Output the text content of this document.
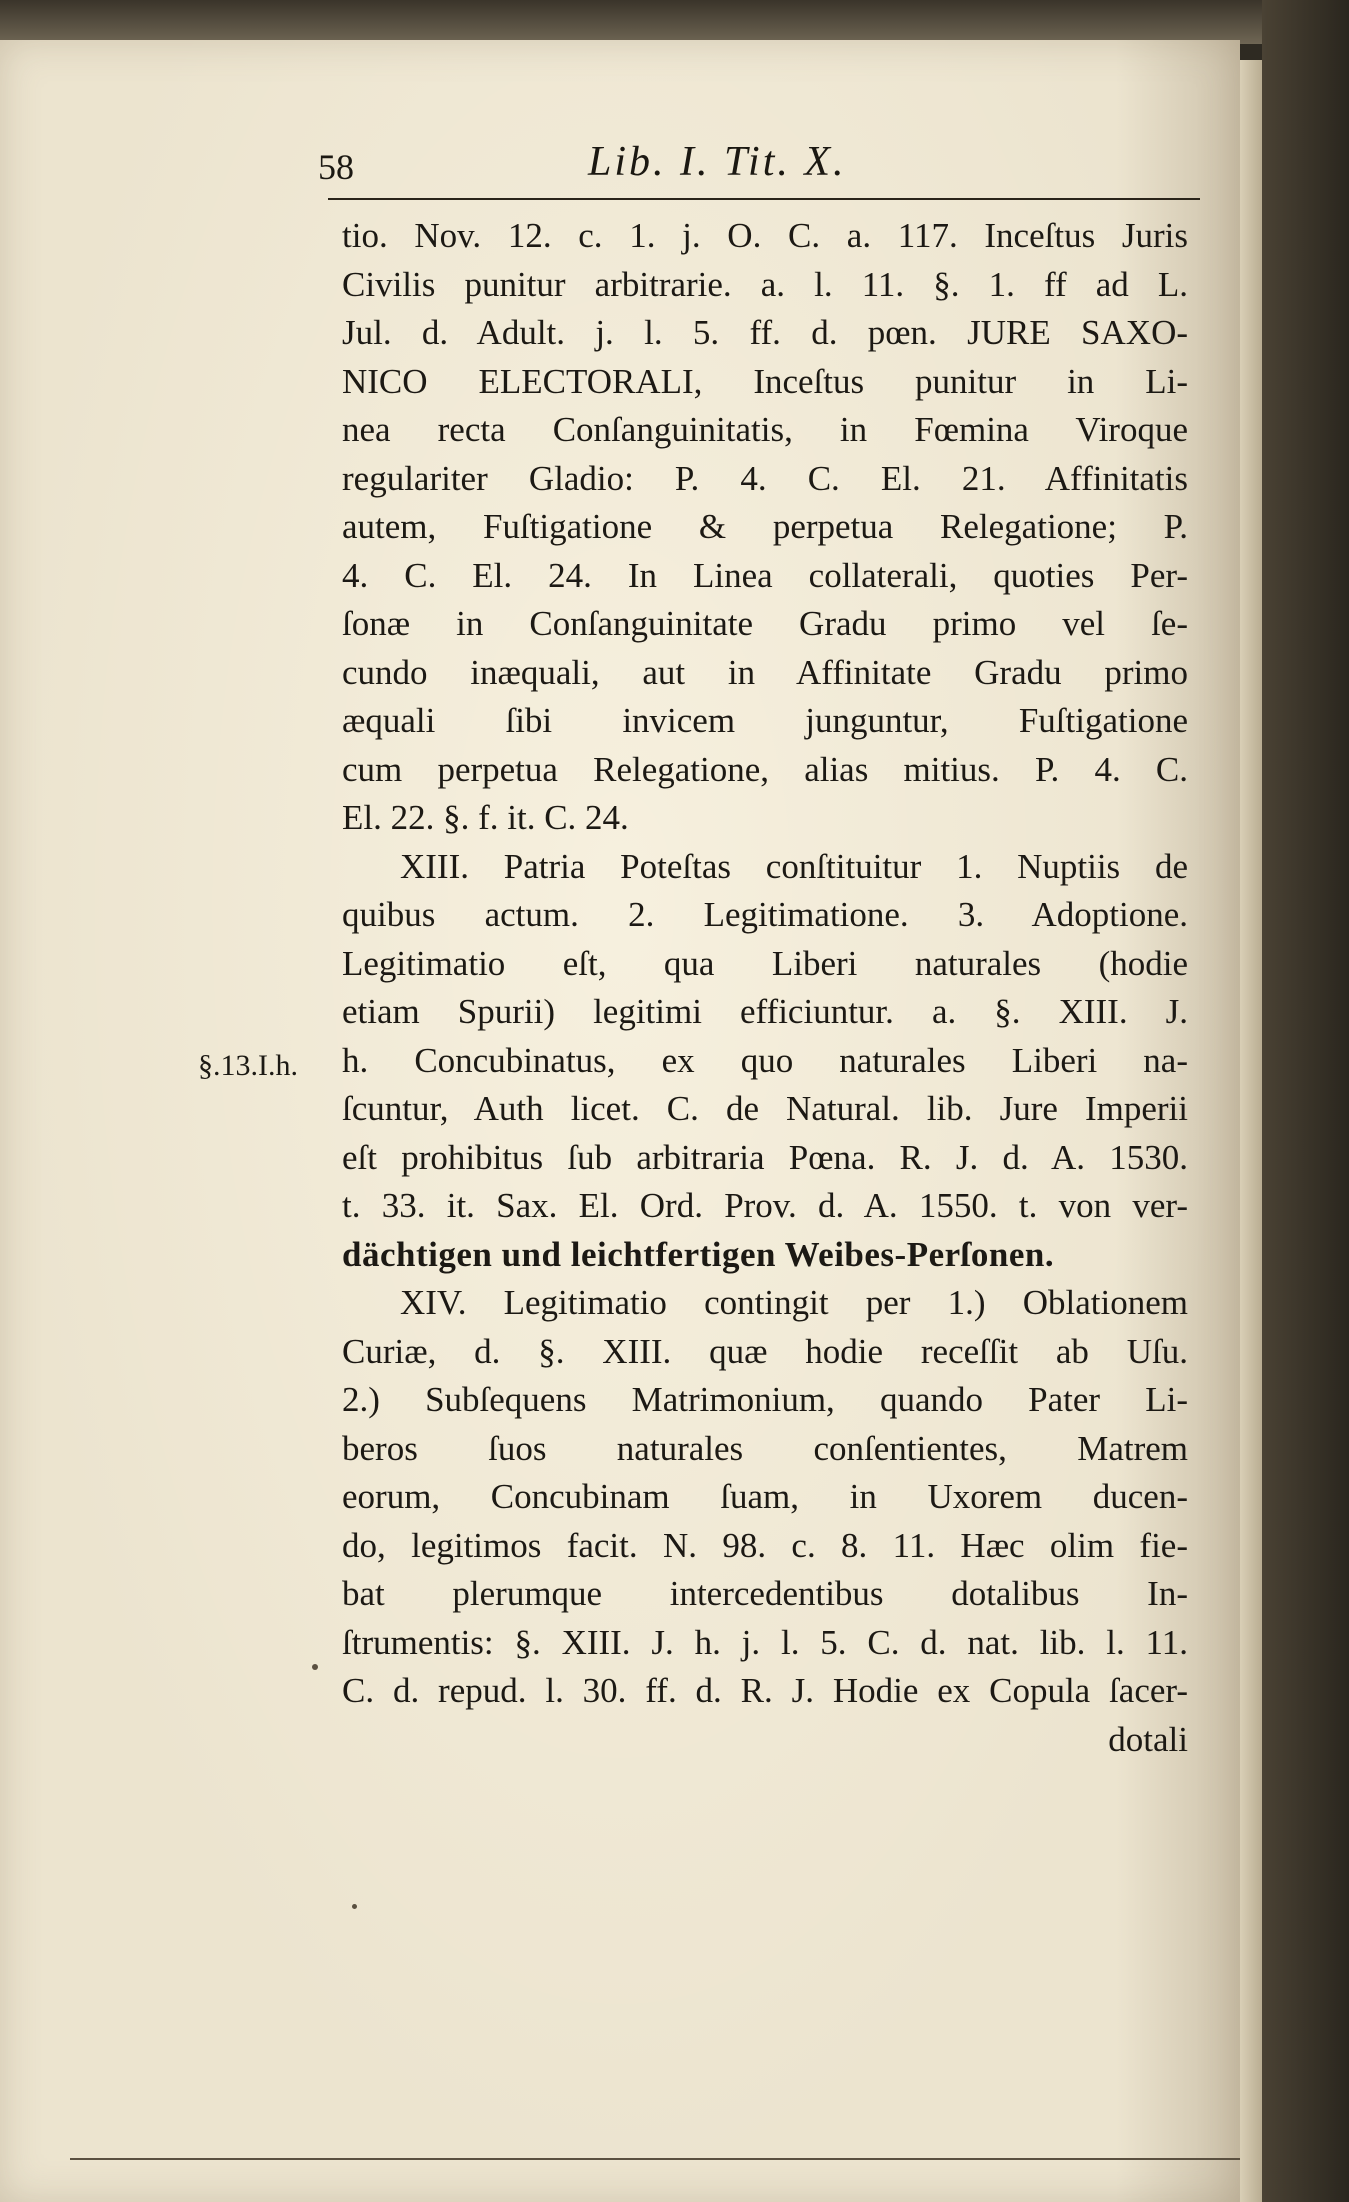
58	Lib. I. Tit. X.
§.13.I.h.
tio. Nov. 12. c. 1. j. O. C. a. 117. Inceſtus Juris
Civilis punitur arbitrarie. a. l. 11. §. 1. ff ad L.
Jul. d. Adult. j. l. 5. ff. d. pœn. JURE SAXO-
NICO ELECTORALI, Inceſtus punitur in Li-
nea recta Conſanguinitatis, in Fœmina Viroque
regulariter Gladio: P. 4. C. El. 21. Affinitatis
autem, Fuſtigatione & perpetua Relegatione; P.
4. C. El. 24. In Linea collaterali, quoties Per-
ſonæ in Conſanguinitate Gradu primo vel ſe-
cundo inæquali, aut in Affinitate Gradu primo
æquali ſibi invicem junguntur, Fuſtigatione
cum perpetua Relegatione, alias mitius. P. 4. C.
El. 22. §. f. it. C. 24.
XIII. Patria Poteſtas conſtituitur 1. Nuptiis de
quibus actum. 2. Legitimatione. 3. Adoptione.
Legitimatio eſt, qua Liberi naturales (hodie
etiam Spurii) legitimi efficiuntur. a. §. XIII. J.
h. Concubinatus, ex quo naturales Liberi na-
ſcuntur, Auth licet. C. de Natural. lib. Jure Imperii
eſt prohibitus ſub arbitraria Pœna. R. J. d. A. 1530.
t. 33. it. Sax. El. Ord. Prov. d. A. 1550. t. von ver-
dächtigen und leichtfertigen Weibes-Perſonen.
XIV. Legitimatio contingit per 1.) Oblationem
Curiæ, d. §. XIII. quæ hodie receſſit ab Uſu.
2.) Subſequens Matrimonium, quando Pater Li-
beros ſuos naturales conſentientes, Matrem
eorum, Concubinam ſuam, in Uxorem ducen-
do, legitimos facit. N. 98. c. 8. 11. Hæc olim fie-
bat plerumque intercedentibus dotalibus In-
ſtrumentis: §. XIII. J. h. j. l. 5. C. d. nat. lib. l. 11.
C. d. repud. l. 30. ff. d. R. J. Hodie ex Copula ſacer-
dotali
